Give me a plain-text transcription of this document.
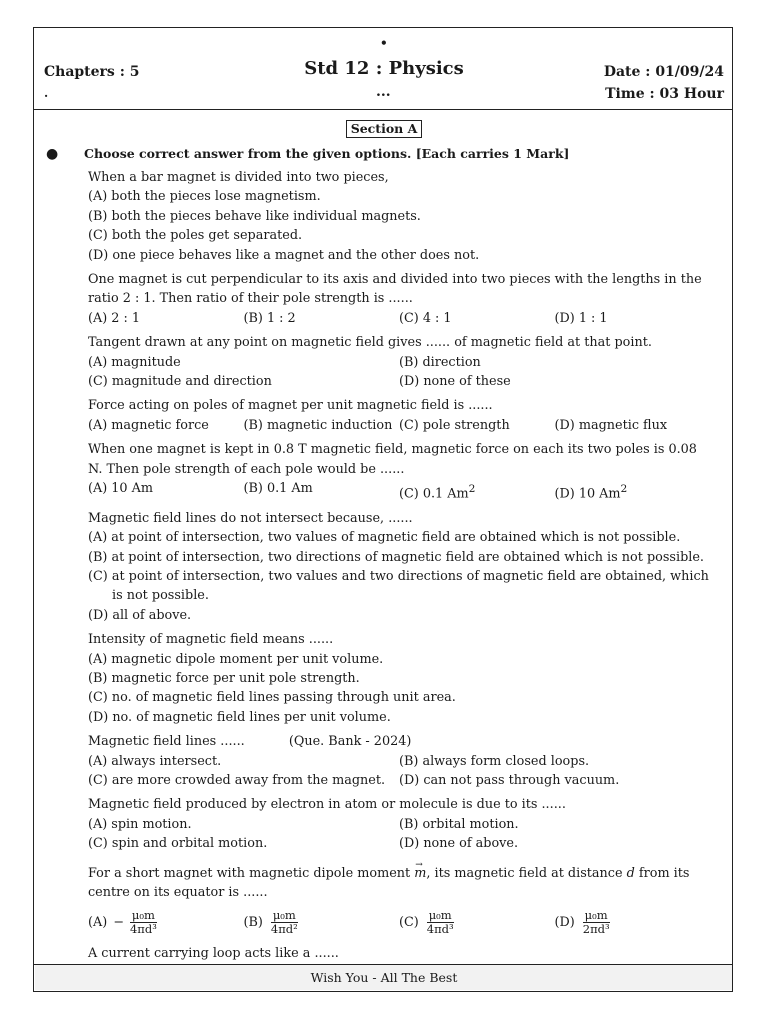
•
Chapters : 5	Std 12 : Physics	Date : 01/09/24
.	...	Time : 03 Hour
Section A
● Choose correct answer from the given options. [Each carries 1 Mark]
When a bar magnet is divided into two pieces,
(A) both the pieces lose magnetism.
(B) both the pieces behave like individual magnets.
(C) both the poles get separated.
(D) one piece behaves like a magnet and the other does not.
One magnet is cut perpendicular to its axis and divided into two pieces with the lengths in the ratio 2 : 1. Then ratio of their pole strength is ......
(A) 2 : 1	(B) 1 : 2	(C) 4 : 1	(D) 1 : 1
Tangent drawn at any point on magnetic field gives ...... of magnetic field at that point.
(A) magnitude	(B) direction
(C) magnitude and direction	(D) none of these
Force acting on poles of magnet per unit magnetic field is ......
(A) magnetic force	(B) magnetic induction (C) pole strength	(D) magnetic flux
When one magnet is kept in 0.8 T magnetic field, magnetic force on each its two poles is 0.08 N. Then pole strength of each pole would be ......
(A) 10 Am	(B) 0.1 Am	(C) 0.1 Am$^2$	(D) 10 Am$^2$
Magnetic field lines do not intersect because, ......
(A) at point of intersection, two values of magnetic field are obtained which is not possible.
(B) at point of intersection, two directions of magnetic field are obtained which is not possible.
(C) at point of intersection, two values and two directions of magnetic field are obtained, which is not possible.
(D) all of above.
Intensity of magnetic field means ......
(A) magnetic dipole moment per unit volume.
(B) magnetic force per unit pole strength.
(C) no. of magnetic field lines passing through unit area.
(D) no. of magnetic field lines per unit volume.
Magnetic field lines ......	(Que. Bank - 2024)
(A) always intersect.	(B) always form closed loops.
(C) are more crowded away from the magnet.	(D) can not pass through vacuum.
Magnetic field produced by electron in atom or molecule is due to its ......
(A) spin motion.	(B) orbital motion.
(C) spin and orbital motion.	(D) none of above.
For a short magnet with magnetic dipole moment → m, its magnetic field at distance d from its centre on its equator is ......
$(A) - \frac{\text{μ₀m}}{\text{4πd³}}$	$(B) \frac{\text{μ₀m}}{\text{4πd²}}$	$(C) \frac{\text{μ₀m}}{\text{4πd³}}$	$(D) \frac{\text{μ₀m}}{\text{2πd³}}$
A current carrying loop acts like a ......
Wish You - All The Best
